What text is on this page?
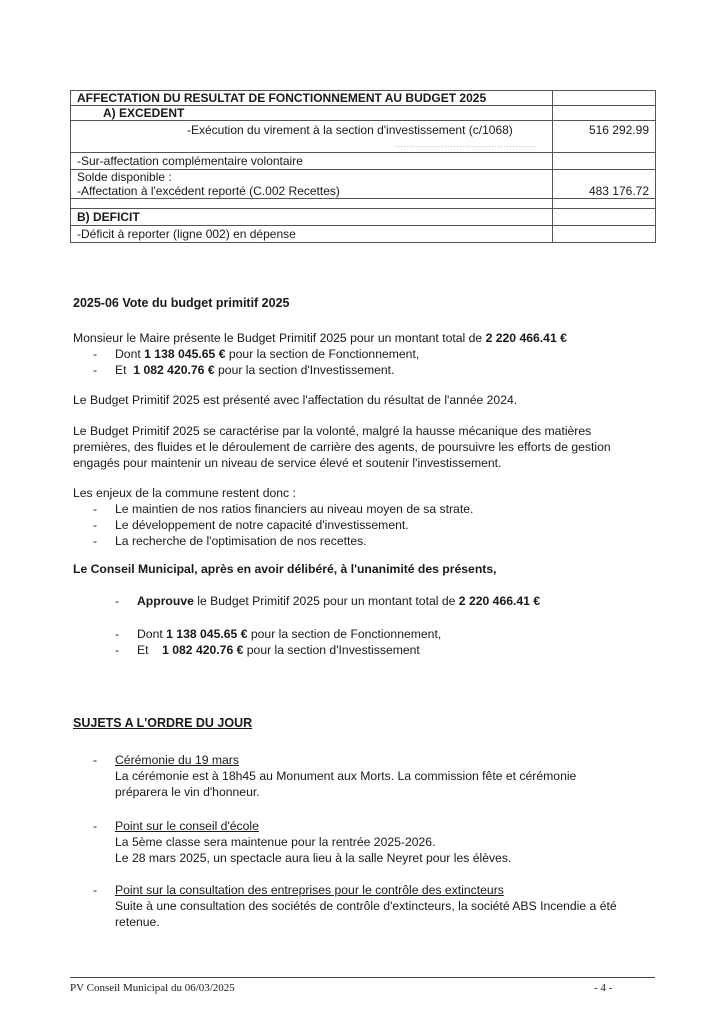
AFFECTATION DU RESULTAT DE FONCTIONNEMENT AU BUDGET 2025	
A) EXCEDENT	

-Exécution du virement à la section d'investissement (c/1068)
................................................	516 292.99
-Sur-affectation complémentaire volontaire	

Solde disponible :
-Affectation à l'excédent reporté (C.002 Recettes)	483 176.72

B) DEFICIT	
-Déficit à reporter (ligne 002) en dépense	
2025-06 Vote du budget primitif 2025
Monsieur le Maire présente le Budget Primitif 2025 pour un montant total de 2 220 466.41 €
- Dont 1 138 045.65 € pour la section de Fonctionnement,
- Et  1 082 420.76 € pour la section d'Investissement.

Le Budget Primitif 2025 est présenté avec l'affectation du résultat de l'année 2024.

Le Budget Primitif 2025 se caractérise par la volonté, malgré la hausse mécanique des matières
premières, des fluides et le déroulement de carrière des agents, de poursuivre les efforts de gestion
engagés pour maintenir un niveau de service élevé et soutenir l'investissement.

Les enjeux de la commune restent donc :

- Le maintien de nos ratios financiers au niveau moyen de sa strate.
- Le développement de notre capacité d'investissement.
- La recherche de l'optimisation de nos recettes.

Le Conseil Municipal, après en avoir délibéré, à l'unanimité des présents,

- Approuve le Budget Primitif 2025 pour un montant total de 2 220 466.41 €
- Dont 1 138 045.65 € pour la section de Fonctionnement,
- Et    1 082 420.76 € pour la section d'Investissement
SUJETS A L'ORDRE DU JOUR
- Cérémonie du 19 mars
La cérémonie est à 18h45 au Monument aux Morts. La commission fête et cérémonie
préparera le vin d'honneur.
- Point sur le conseil d'école
La 5ème classe sera maintenue pour la rentrée 2025-2026.
Le 28 mars 2025, un spectacle aura lieu à la salle Neyret pour les élèves.
- Point sur la consultation des entreprises pour le contrôle des extincteurs
Suite à une consultation des sociétés de contrôle d'extincteurs, la société ABS Incendie a été
retenue.
PV Conseil Municipal du 06/03/2025	- 4 -
